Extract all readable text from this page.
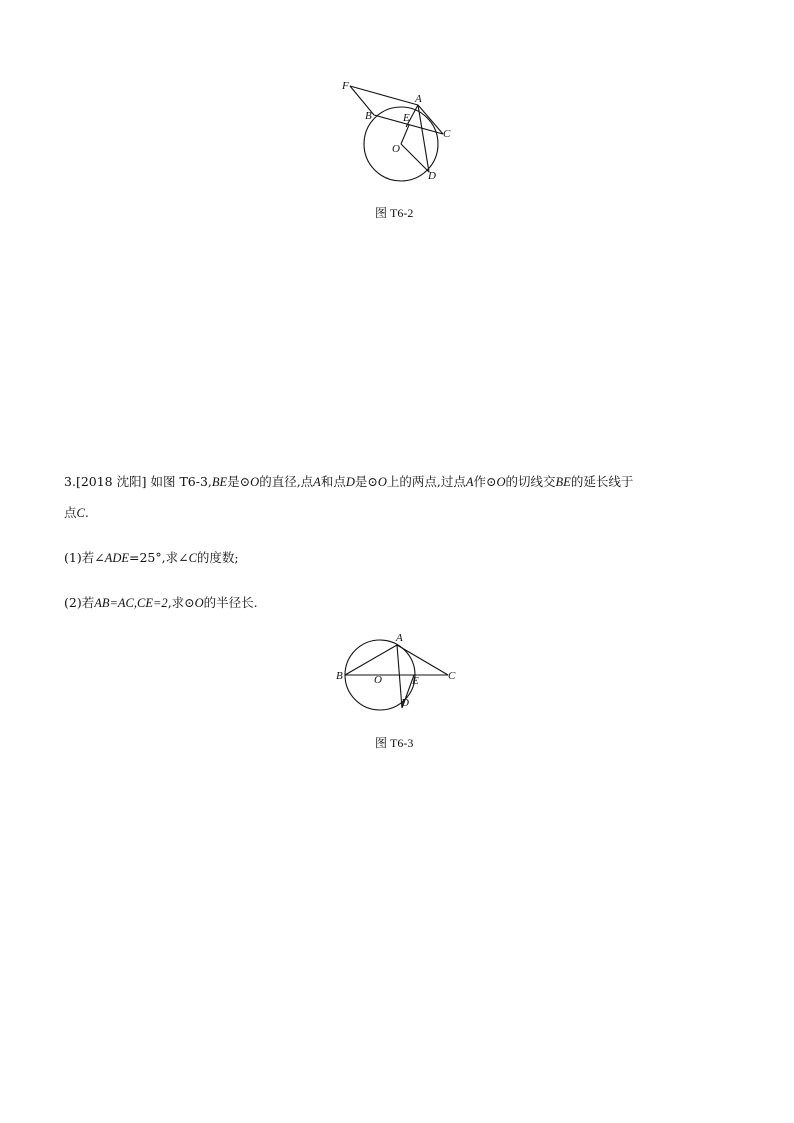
F
A
B	E
C
O
D
图 T6-2
3.[2018 沈阳] 如图 T6-3,BE是⊙O的直径,点A和点D是⊙O上的两点,过点A作⊙O的切线交BE的延长线于
点C.
(1)若∠ADE=25°,求∠C的度数;
(2)若AB=AC,CE=2,求⊙O的半径长.
A
B	O	E	C
D
图 T6-3
